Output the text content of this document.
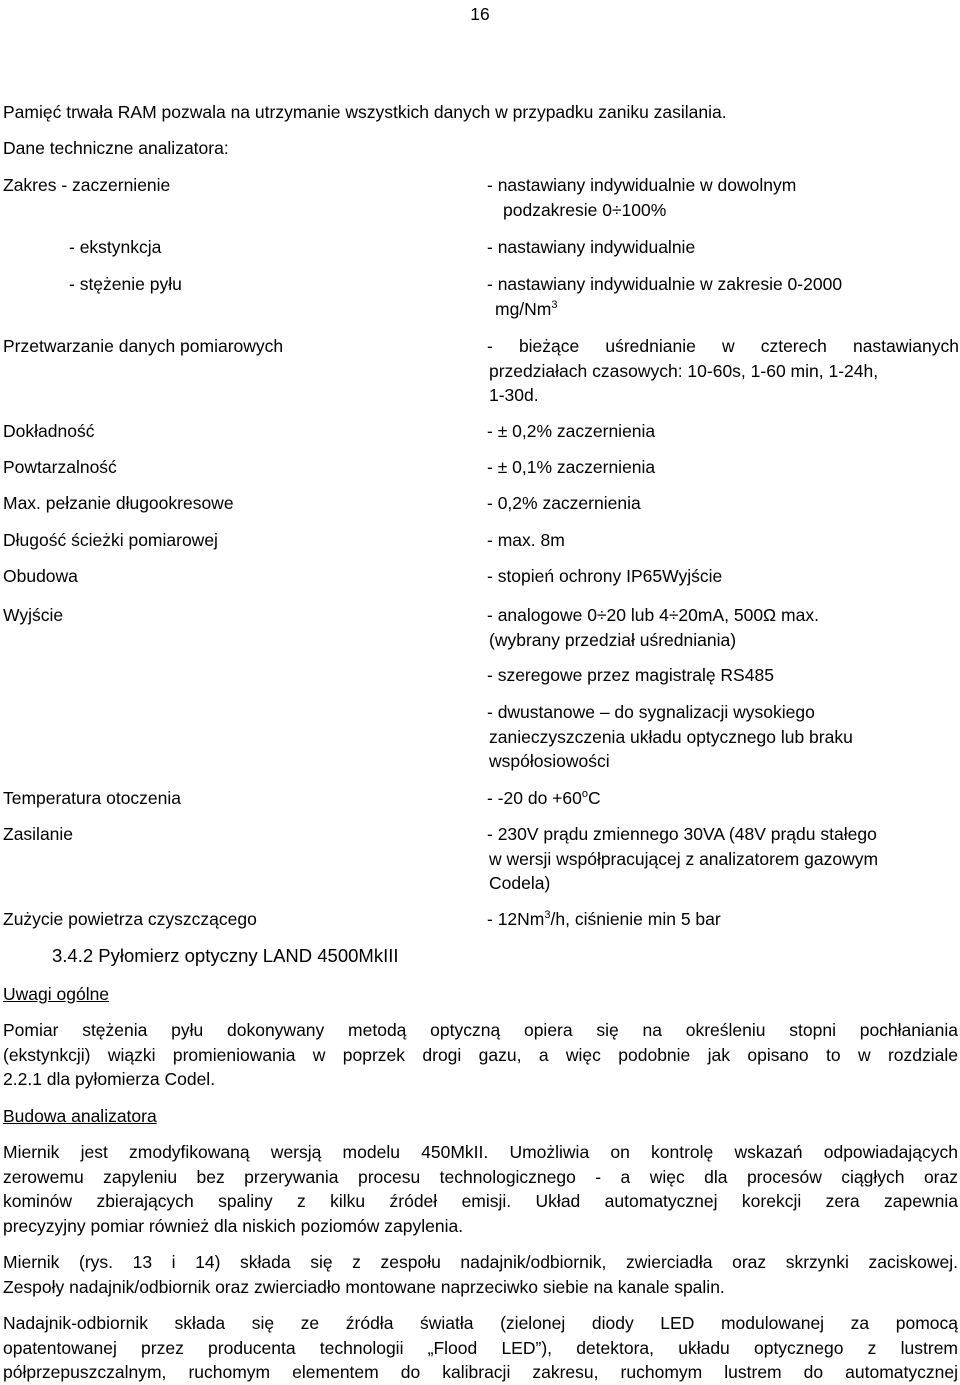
16
Pamięć trwała RAM pozwala na utrzymanie wszystkich danych w przypadku zaniku zasilania.
Dane techniczne analizatora:
Zakres - zaczernienie	- nastawiany indywidualnie w dowolnym
podzakresie 0÷100%
- ekstynkcja	- nastawiany indywidualnie
- stężenie pyłu	- nastawiany indywidualnie w zakresie 0-2000
mg/Nm$^3$
Przetwarzanie danych pomiarowych	- bieżące uśrednianie w czterech nastawianych
przedziałach czasowych: 10-60s, 1-60 min, 1-24h,
1-30d.
Dokładność	- ± 0,2% zaczernienia
Powtarzalność	- ± 0,1% zaczernienia
Max. pełzanie długookresowe	- 0,2% zaczernienia
Długość ścieżki pomiarowej	- max. 8m
Obudowa	- stopień ochrony IP65Wyjście
Wyjście	- analogowe 0÷20 lub 4÷20mA, 500Ω max.
(wybrany przedział uśredniania)
- szeregowe przez magistralę RS485
- dwustanowe – do sygnalizacji wysokiego
zanieczyszczenia układu optycznego lub braku
współosiowości
Temperatura otoczenia	- -20 do $+60^oC$
Zasilanie	- 230V prądu zmiennego 30VA (48V prądu stałego
w wersji współpracującej z analizatorem gazowym
Codela)
Zużycie powietrza czyszczącego	- 12Nm$^3$/h, ciśnienie min 5 bar
3.4.2 Pyłomierz optyczny LAND 4500MkIII
Uwagi ogólne
Pomiar stężenia pyłu dokonywany metodą optyczną opiera się na określeniu stopni pochłaniania
(ekstynkcji) wiązki promieniowania w poprzek drogi gazu, a więc podobnie jak opisano to w rozdziale
2.2.1 dla pyłomierza Codel.
Budowa analizatora
Miernik jest zmodyfikowaną wersją modelu 450MkII. Umożliwia on kontrolę wskazań odpowiadających
zerowemu zapyleniu bez przerywania procesu technologicznego - a więc dla procesów ciągłych oraz
kominów zbierających spaliny z kilku źródeł emisji. Układ automatycznej korekcji zera zapewnia
precyzyjny pomiar również dla niskich poziomów zapylenia.
Miernik (rys. 13 i 14) składa się z zespołu nadajnik/odbiornik, zwierciadła oraz skrzynki zaciskowej.
Zespoły nadajnik/odbiornik oraz zwierciadło montowane naprzeciwko siebie na kanale spalin.
Nadajnik-odbiornik składa się ze źródła światła (zielonej diody LED modulowanej za pomocą
opatentowanej przez producenta technologii „Flood LED”), detektora, układu optycznego z lustrem
półprzepuszczalnym, ruchomym elementem do kalibracji zakresu, ruchomym lustrem do automatycznej
